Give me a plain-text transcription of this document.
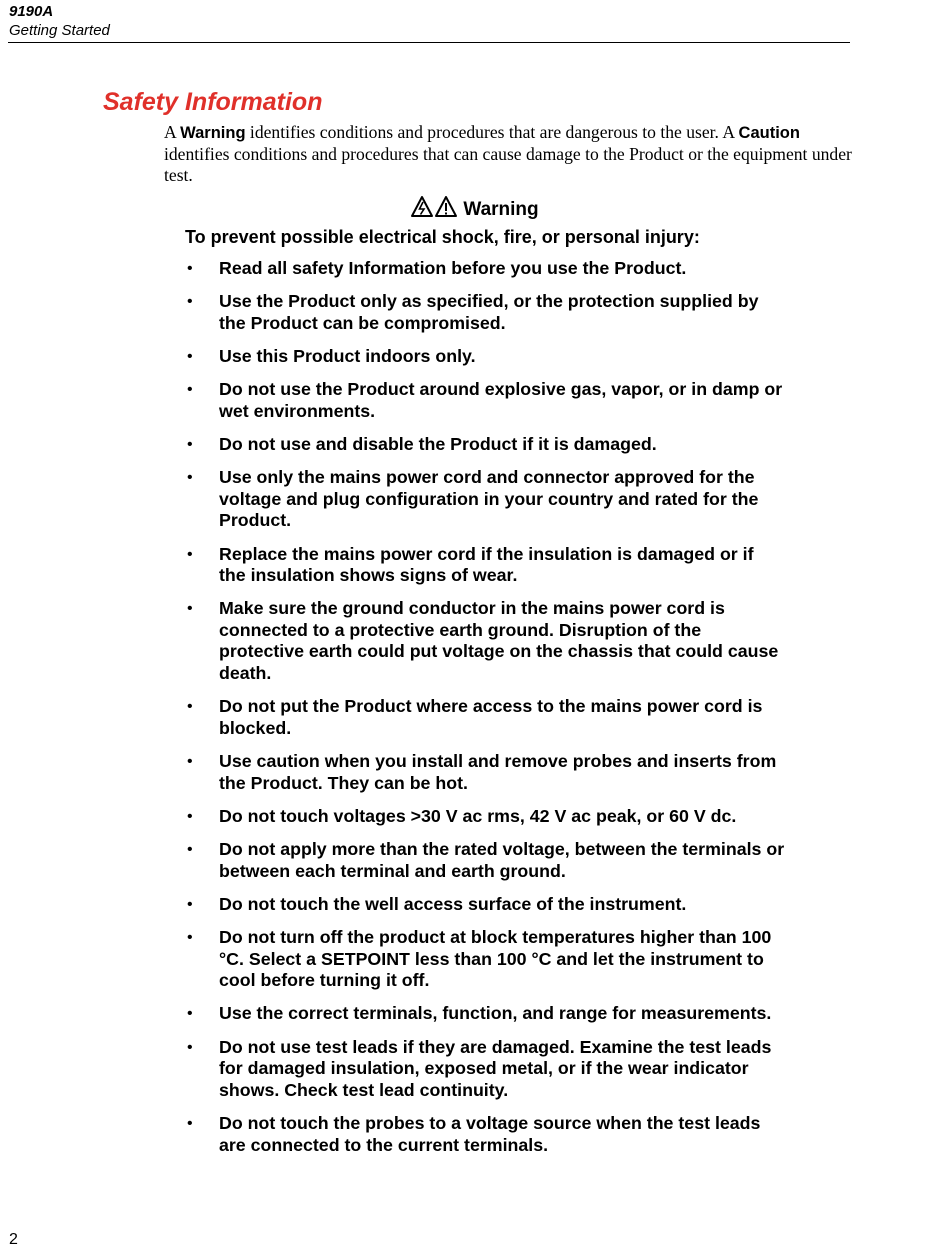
9190A
Getting Started
Safety Information
A Warning identifies conditions and procedures that are dangerous to the user. A Caution identifies conditions and procedures that can cause damage to the Product or the equipment under test.
Warning
To prevent possible electrical shock, fire, or personal injury:
• Read all safety Information before you use the Product.
• Use the Product only as specified, or the protection supplied by the Product can be compromised.
• Use this Product indoors only.
• Do not use the Product around explosive gas, vapor, or in damp or wet environments.
• Do not use and disable the Product if it is damaged.
• Use only the mains power cord and connector approved for the voltage and plug configuration in your country and rated for the Product.
• Replace the mains power cord if the insulation is damaged or if the insulation shows signs of wear.
• Make sure the ground conductor in the mains power cord is connected to a protective earth ground. Disruption of the protective earth could put voltage on the chassis that could cause death.
• Do not put the Product where access to the mains power cord is blocked.
• Use caution when you install and remove probes and inserts from the Product. They can be hot.
• Do not touch voltages >30 V ac rms, 42 V ac peak, or 60 V dc.
• Do not apply more than the rated voltage, between the terminals or between each terminal and earth ground.
• Do not touch the well access surface of the instrument.
• Do not turn off the product at block temperatures higher than 100 °C. Select a SETPOINT less than 100 °C and let the instrument to cool before turning it off.
• Use the correct terminals, function, and range for measurements.
• Do not use test leads if they are damaged. Examine the test leads for damaged insulation, exposed metal, or if the wear indicator shows. Check test lead continuity.
• Do not touch the probes to a voltage source when the test leads are connected to the current terminals.
2
